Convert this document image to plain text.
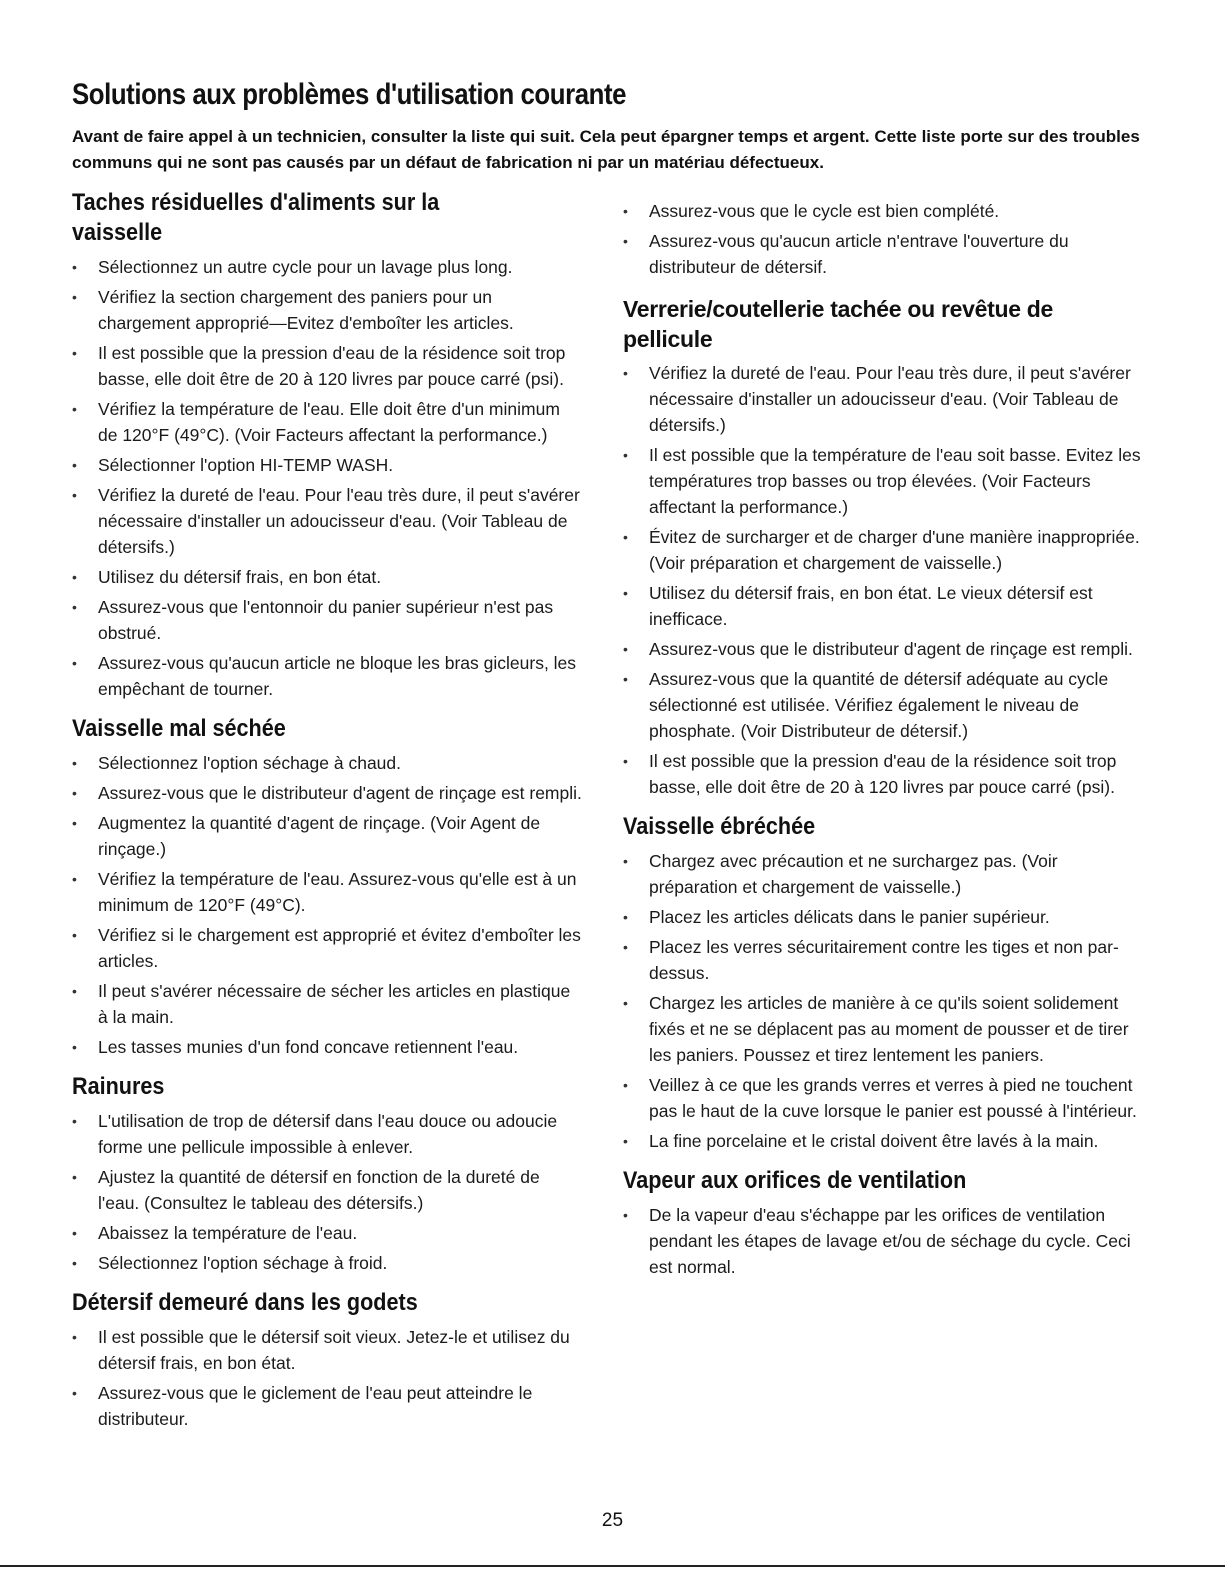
Solutions aux problèmes d'utilisation courante
Avant de faire appel à un technicien, consulter la liste qui suit. Cela peut épargner temps et argent. Cette liste porte sur des troubles communs qui ne sont pas causés par un défaut de fabrication ni par un matériau défectueux.
Taches résiduelles d'aliments sur la vaisselle
• Sélectionnez un autre cycle pour un lavage plus long.
• Vérifiez la section chargement des paniers pour un chargement approprié—Evitez d'emboîter les articles.
• Il est possible que la pression d'eau de la résidence soit trop basse, elle doit être de 20 à 120 livres par pouce carré (psi).
• Vérifiez la température de l'eau. Elle doit être d'un minimum de 120°F (49°C). (Voir Facteurs affectant la performance.)
• Sélectionner l'option HI-TEMP WASH.
• Vérifiez la dureté de l'eau. Pour l'eau très dure, il peut s'avérer nécessaire d'installer un adoucisseur d'eau. (Voir Tableau de détersifs.)
• Utilisez du détersif frais, en bon état.
• Assurez-vous que l'entonnoir du panier supérieur n'est pas obstrué.
• Assurez-vous qu'aucun article ne bloque les bras gicleurs, les empêchant de tourner.
Vaisselle mal séchée
• Sélectionnez l'option séchage à chaud.
• Assurez-vous que le distributeur d'agent de rinçage est rempli.
• Augmentez la quantité d'agent de rinçage. (Voir Agent de rinçage.)
• Vérifiez la température de l'eau. Assurez-vous qu'elle est à un minimum de 120°F (49°C).
• Vérifiez si le chargement est approprié et évitez d'emboîter les articles.
• Il peut s'avérer nécessaire de sécher les articles en plastique à la main.
• Les tasses munies d'un fond concave retiennent l'eau.
Rainures
• L'utilisation de trop de détersif dans l'eau douce ou adoucie forme une pellicule impossible à enlever.
• Ajustez la quantité de détersif en fonction de la dureté de l'eau. (Consultez le tableau des détersifs.)
• Abaissez la température de l'eau.
• Sélectionnez l'option séchage à froid.
Détersif demeuré dans les godets
• Il est possible que le détersif soit vieux. Jetez-le et utilisez du détersif frais, en bon état.
• Assurez-vous que le giclement de l'eau peut atteindre le distributeur.
• Assurez-vous que le cycle est bien complété.
• Assurez-vous qu'aucun article n'entrave l'ouverture du distributeur de détersif.
Verrerie/coutellerie tachée ou revêtue de pellicule
• Vérifiez la dureté de l'eau. Pour l'eau très dure, il peut s'avérer nécessaire d'installer un adoucisseur d'eau. (Voir Tableau de détersifs.)
• Il est possible que la température de l'eau soit basse. Evitez les températures trop basses ou trop élevées. (Voir Facteurs affectant la performance.)
• Évitez de surcharger et de charger d'une manière inappropriée. (Voir préparation et chargement de vaisselle.)
• Utilisez du détersif frais, en bon état. Le vieux détersif est inefficace.
• Assurez-vous que le distributeur d'agent de rinçage est rempli.
• Assurez-vous que la quantité de détersif adéquate au cycle sélectionné est utilisée. Vérifiez également le niveau de phosphate. (Voir Distributeur de détersif.)
• Il est possible que la pression d'eau de la résidence soit trop basse, elle doit être de 20 à 120 livres par pouce carré (psi).
Vaisselle ébréchée
• Chargez avec précaution et ne surchargez pas. (Voir préparation et chargement de vaisselle.)
• Placez les articles délicats dans le panier supérieur.
• Placez les verres sécuritairement contre les tiges et non par-dessus.
• Chargez les articles de manière à ce qu'ils soient solidement fixés et ne se déplacent pas au moment de pousser et de tirer les paniers. Poussez et tirez lentement les paniers.
• Veillez à ce que les grands verres et verres à pied ne touchent pas le haut de la cuve lorsque le panier est poussé à l'intérieur.
• La fine porcelaine et le cristal doivent être lavés à la main.
Vapeur aux orifices de ventilation
• De la vapeur d'eau s'échappe par les orifices de ventilation pendant les étapes de lavage et/ou de séchage du cycle. Ceci est normal.
25
